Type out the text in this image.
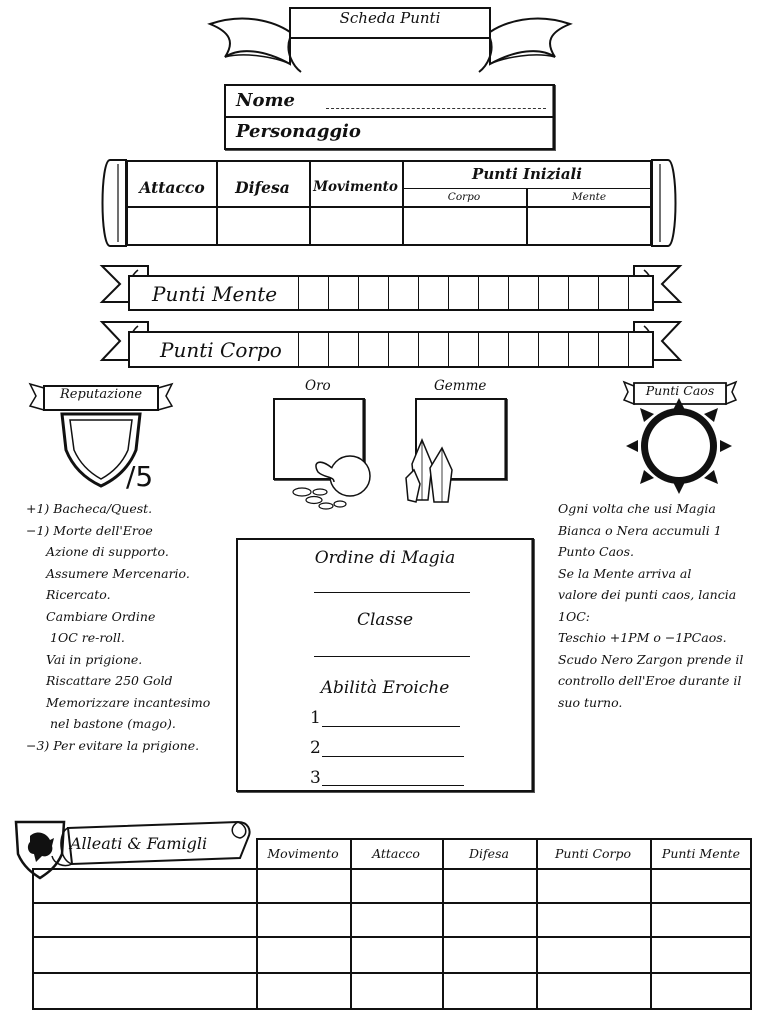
Scheda Punti
Nome
Personaggio
Attacco	Difesa	Movimento
Punti Iniziali
Corpo	Mente
Punti Mente
Punti Corpo
Reputazione
/5
+1) Bacheca/Quest.
−1) Morte dell'Eroe
Azione di supporto.
Assumere Mercenario.
Ricercato.
Cambiare Ordine
1OC re-roll.
Vai in prigione.
Riscattare 250 Gold
Memorizzare incantesimo
nel bastone (mago).
−3) Per evitare la prigione.
Oro	Gemme	Punti Caos
Ogni volta che usi Magia
Bianca o Nera accumuli 1
Punto Caos.
Se la Mente arriva al
valore dei punti caos, lancia
1OC:
Teschio +1PM o −1PCaos.
Scudo Nero Zargon prende il
controllo dell'Eroe durante il
suo turno.
Ordine di Magia
Classe
Abilità Eroiche
1
2
3
Alleati & Famigli
Movimento	Attacco	Difesa	Punti Corpo	Punti Mente
